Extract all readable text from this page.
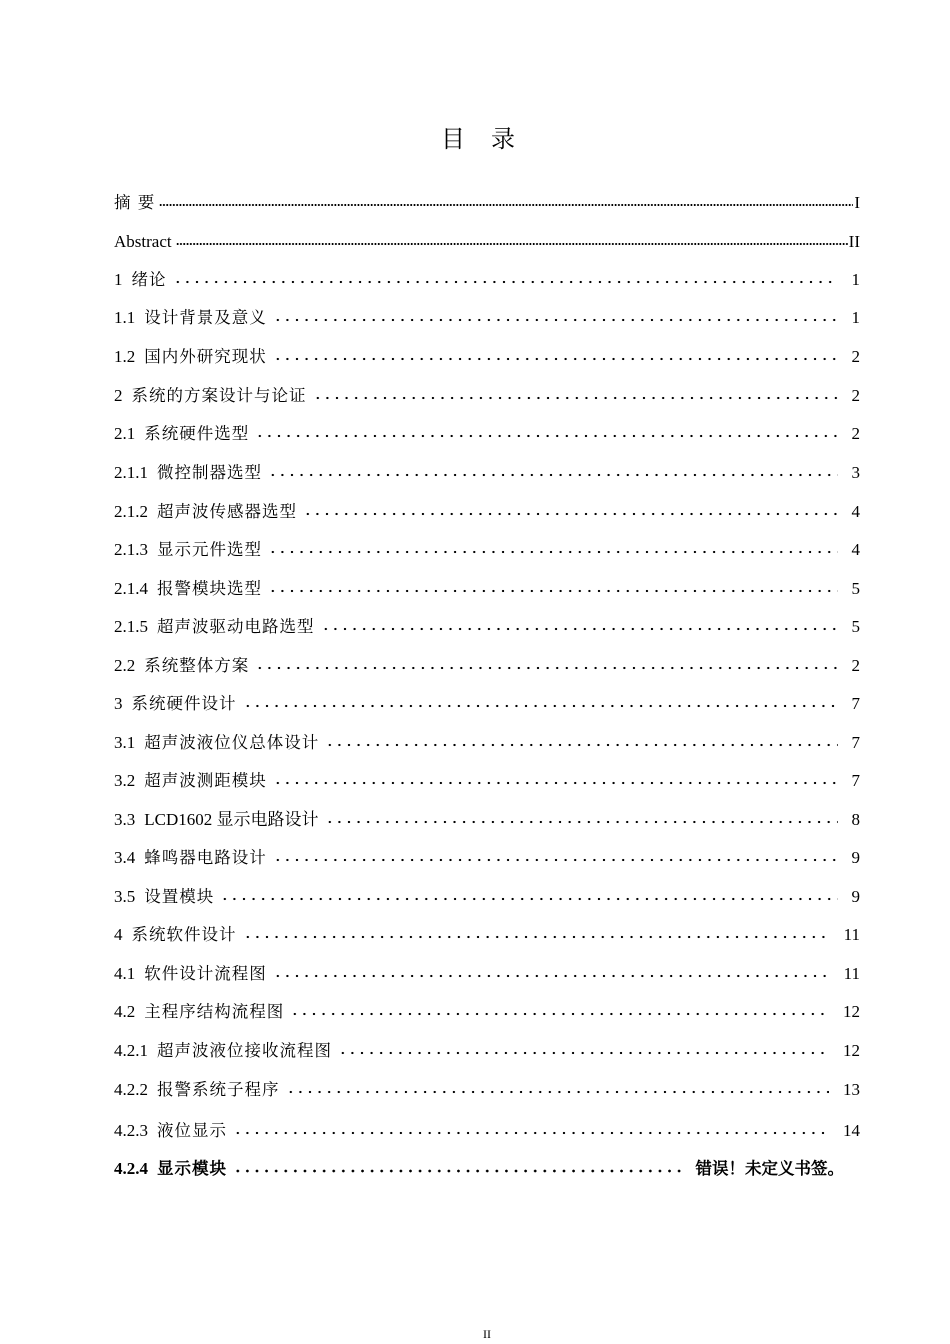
目录
摘 要	I
Abstract	II
1 绪论	1
1.1 设计背景及意义	1
1.2 国内外研究现状	2
2 系统的方案设计与论证	2
2.1 系统硬件选型	2
2.1.1 微控制器选型	3
2.1.2 超声波传感器选型	4
2.1.3 显示元件选型	4
2.1.4 报警模块选型	5
2.1.5 超声波驱动电路选型	5
2.2 系统整体方案	2
3 系统硬件设计	7
3.1 超声波液位仪总体设计	7
3.2 超声波测距模块	7
3.3 LCD1602 显示电路设计	8
3.4 蜂鸣器电路设计	9
3.5 设置模块	9
4 系统软件设计	11
4.1 软件设计流程图	11
4.2 主程序结构流程图	12
4.2.1 超声波液位接收流程图	12
4.2.2 报警系统子程序	13
4.2.3 液位显示	14
4.2.4 显示模块	错误！未定义书签。
II
